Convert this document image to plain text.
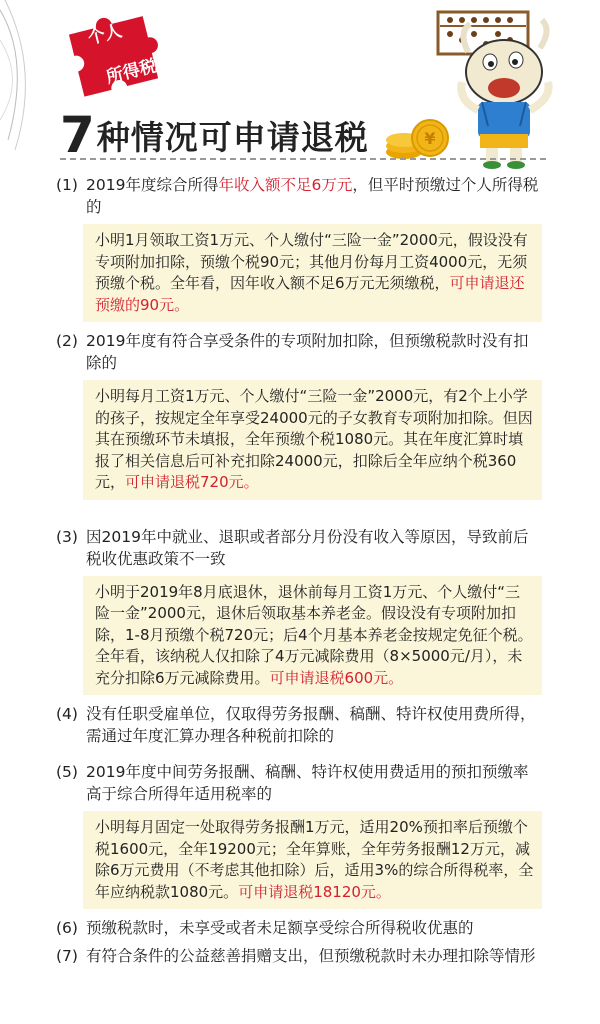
个人
所得税
7 种情况可申请退税	¥
(1) 2019年度综合所得年收入额不足6万元，但平时预缴过个人所得税的
小明1月领取工资1万元、个人缴付“三险一金”2000元，假设没有专项附加扣除，预缴个税90元；其他月份每月工资4000元，无须预缴个税。全年看，因年收入额不足6万元无须缴税，可申请退还预缴的90元。
(2) 2019年度有符合享受条件的专项附加扣除，但预缴税款时没有扣除的
小明每月工资1万元、个人缴付“三险一金”2000元，有2个上小学的孩子，按规定全年享受24000元的子女教育专项附加扣除。但因其在预缴环节未填报，全年预缴个税1080元。其在年度汇算时填报了相关信息后可补充扣除24000元，扣除后全年应纳个税360元，可申请退税720元。
(3) 因2019年中就业、退职或者部分月份没有收入等原因，导致前后税收优惠政策不一致
小明于2019年8月底退休，退休前每月工资1万元、个人缴付“三险一金”2000元，退休后领取基本养老金。假设没有专项附加扣除，1-8月预缴个税720元；后4个月基本养老金按规定免征个税。全年看，该纳税人仅扣除了4万元减除费用（8×5000元/月），未充分扣除6万元减除费用。可申请退税600元。
(4) 没有任职受雇单位，仅取得劳务报酬、稿酬、特许权使用费所得，需通过年度汇算办理各种税前扣除的
(5) 2019年度中间劳务报酬、稿酬、特许权使用费适用的预扣预缴率高于综合所得年适用税率的
小明每月固定一处取得劳务报酬1万元，适用20%预扣率后预缴个税1600元，全年19200元；全年算账，全年劳务报酬12万元，减除6万元费用（不考虑其他扣除）后，适用3%的综合所得税率，全年应纳税款1080元。可申请退税18120元。
(6) 预缴税款时，未享受或者未足额享受综合所得税收优惠的
(7) 有符合条件的公益慈善捐赠支出，但预缴税款时未办理扣除等情形
